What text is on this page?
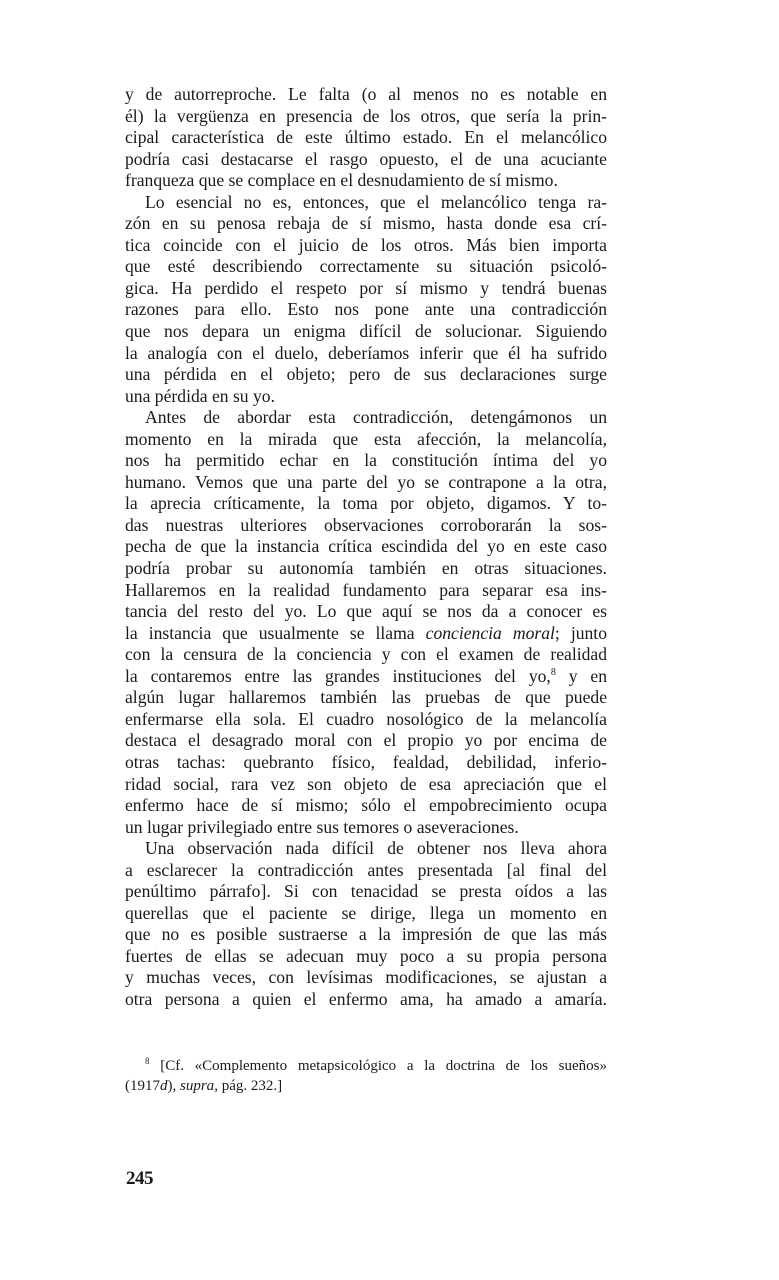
y de autorreproche. Le falta (o al menos no es notable en
él) la vergüenza en presencia de los otros, que sería la prin-
cipal característica de este último estado. En el melancólico
podría casi destacarse el rasgo opuesto, el de una acuciante
franqueza que se complace en el desnudamiento de sí mismo.
Lo esencial no es, entonces, que el melancólico tenga ra-
zón en su penosa rebaja de sí mismo, hasta donde esa crí-
tica coincide con el juicio de los otros. Más bien importa
que esté describiendo correctamente su situación psicoló-
gica. Ha perdido el respeto por sí mismo y tendrá buenas
razones para ello. Esto nos pone ante una contradicción
que nos depara un enigma difícil de solucionar. Siguiendo
la analogía con el duelo, deberíamos inferir que él ha sufrido
una pérdida en el objeto; pero de sus declaraciones surge
una pérdida en su yo.
Antes de abordar esta contradicción, detengámonos un
momento en la mirada que esta afección, la melancolía,
nos ha permitido echar en la constitución íntima del yo
humano. Vemos que una parte del yo se contrapone a la otra,
la aprecia críticamente, la toma por objeto, digamos. Y to-
das nuestras ulteriores observaciones corroborarán la sos-
pecha de que la instancia crítica escindida del yo en este caso
podría probar su autonomía también en otras situaciones.
Hallaremos en la realidad fundamento para separar esa ins-
tancia del resto del yo. Lo que aquí se nos da a conocer es
la instancia que usualmente se llama conciencia moral; junto
con la censura de la conciencia y con el examen de realidad
la contaremos entre las grandes instituciones del yo,$^8$ y en
algún lugar hallaremos también las pruebas de que puede
enfermarse ella sola. El cuadro nosológico de la melancolía
destaca el desagrado moral con el propio yo por encima de
otras tachas: quebranto físico, fealdad, debilidad, inferio-
ridad social, rara vez son objeto de esa apreciación que el
enfermo hace de sí mismo; sólo el empobrecimiento ocupa
un lugar privilegiado entre sus temores o aseveraciones.
Una observación nada difícil de obtener nos lleva ahora
a esclarecer la contradicción antes presentada [al final del
penúltimo párrafo]. Si con tenacidad se presta oídos a las
querellas que el paciente se dirige, llega un momento en
que no es posible sustraerse a la impresión de que las más
fuertes de ellas se adecuan muy poco a su propia persona
y muchas veces, con levísimas modificaciones, se ajustan a
otra persona a quien el enfermo ama, ha amado a amaría.
$^8$ [Cf. «Complemento metapsicológico a la doctrina de los sueños»
(1917d), supra, pág. 232.]
245
